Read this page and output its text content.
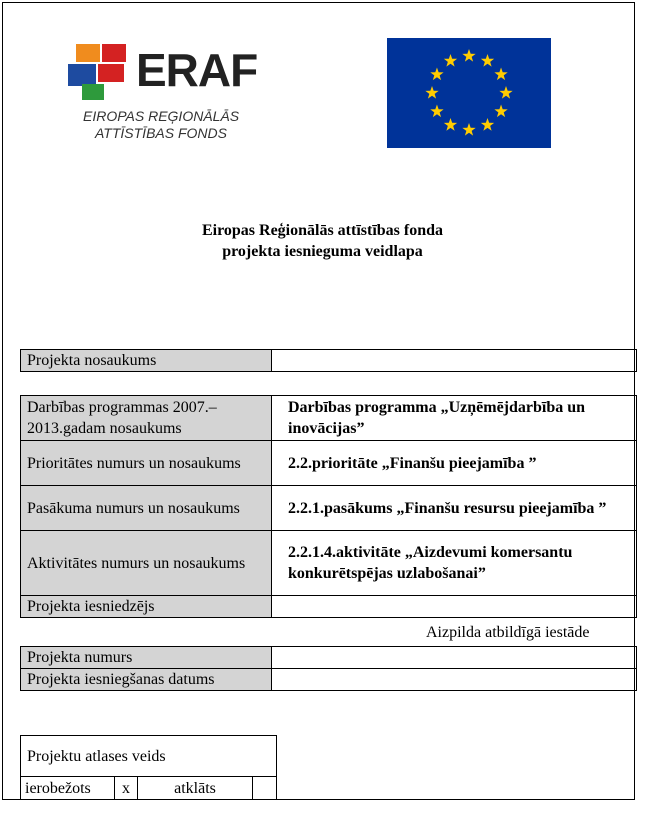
ERAF
EIROPAS REĢIONĀLĀS
ATTĪSTĪBAS FONDS
Eiropas Reģionālās attīstības fonda
projekta iesnieguma veidlapa
Projekta nosaukums	
Darbības programmas 2007.–2013.gadam nosaukums	Darbības programma „Uzņēmējdarbība un inovācijas”
Prioritātes numurs un nosaukums	2.2.prioritāte „Finanšu pieejamība ”
Pasākuma numurs un nosaukums	2.2.1.pasākums „Finanšu resursu pieejamība ”
Aktivitātes numurs un nosaukums	2.2.1.4.aktivitāte „Aizdevumi komersantu konkurētspējas uzlabošanai”
Projekta iesniedzējs	
Aizpilda atbildīgā iestāde
Projekta numurs	
Projekta iesniegšanas datums	
Projektu atlases veids
ierobežots	x	atklāts	
